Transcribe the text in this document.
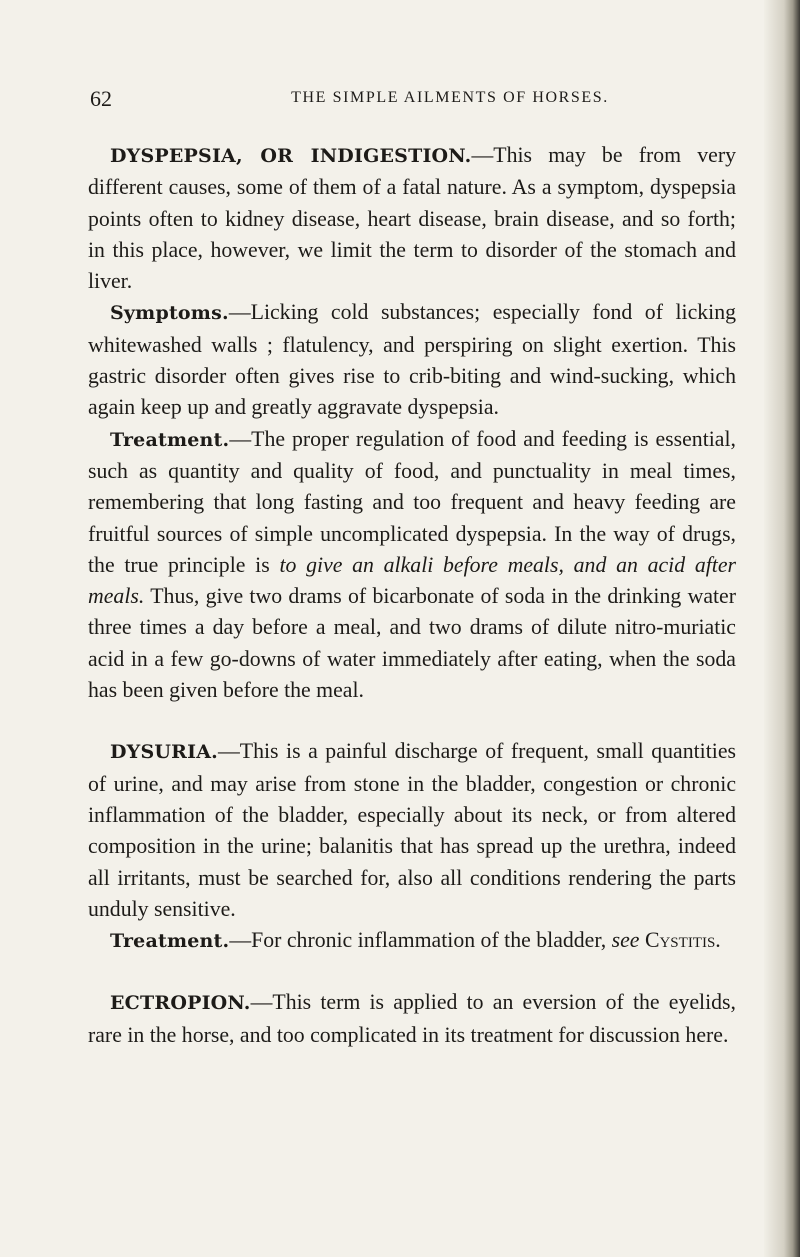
62	THE SIMPLE AILMENTS OF HORSES.

DYSPEPSIA, OR INDIGESTION.—This may be from very different causes, some of them of a fatal nature. As a symptom, dyspepsia points often to kidney disease, heart disease, brain disease, and so forth; in this place, however, we limit the term to disorder of the stomach and liver.

Symptoms.—Licking cold substances; especially fond of licking whitewashed walls ; flatulency, and perspiring on slight exertion. This gastric disorder often gives rise to crib-biting and wind-sucking, which again keep up and greatly aggravate dyspepsia.

Treatment.—The proper regulation of food and feeding is essential, such as quantity and quality of food, and punctuality in meal times, remembering that long fasting and too frequent and heavy feeding are fruitful sources of simple uncomplicated dyspepsia. In the way of drugs, the true principle is to give an alkali before meals, and an acid after meals. Thus, give two drams of bicarbonate of soda in the drinking water three times a day before a meal, and two drams of dilute nitro-muriatic acid in a few go-downs of water immediately after eating, when the soda has been given before the meal.

DYSURIA.—This is a painful discharge of frequent, small quantities of urine, and may arise from stone in the bladder, congestion or chronic inflammation of the bladder, especially about its neck, or from altered composition in the urine; balanitis that has spread up the urethra, indeed all irritants, must be searched for, also all conditions rendering the parts unduly sensitive.

Treatment.—For chronic inflammation of the bladder, see Cystitis.

ECTROPION.—This term is applied to an eversion of the eyelids, rare in the horse, and too complicated in its treatment for discussion here.
